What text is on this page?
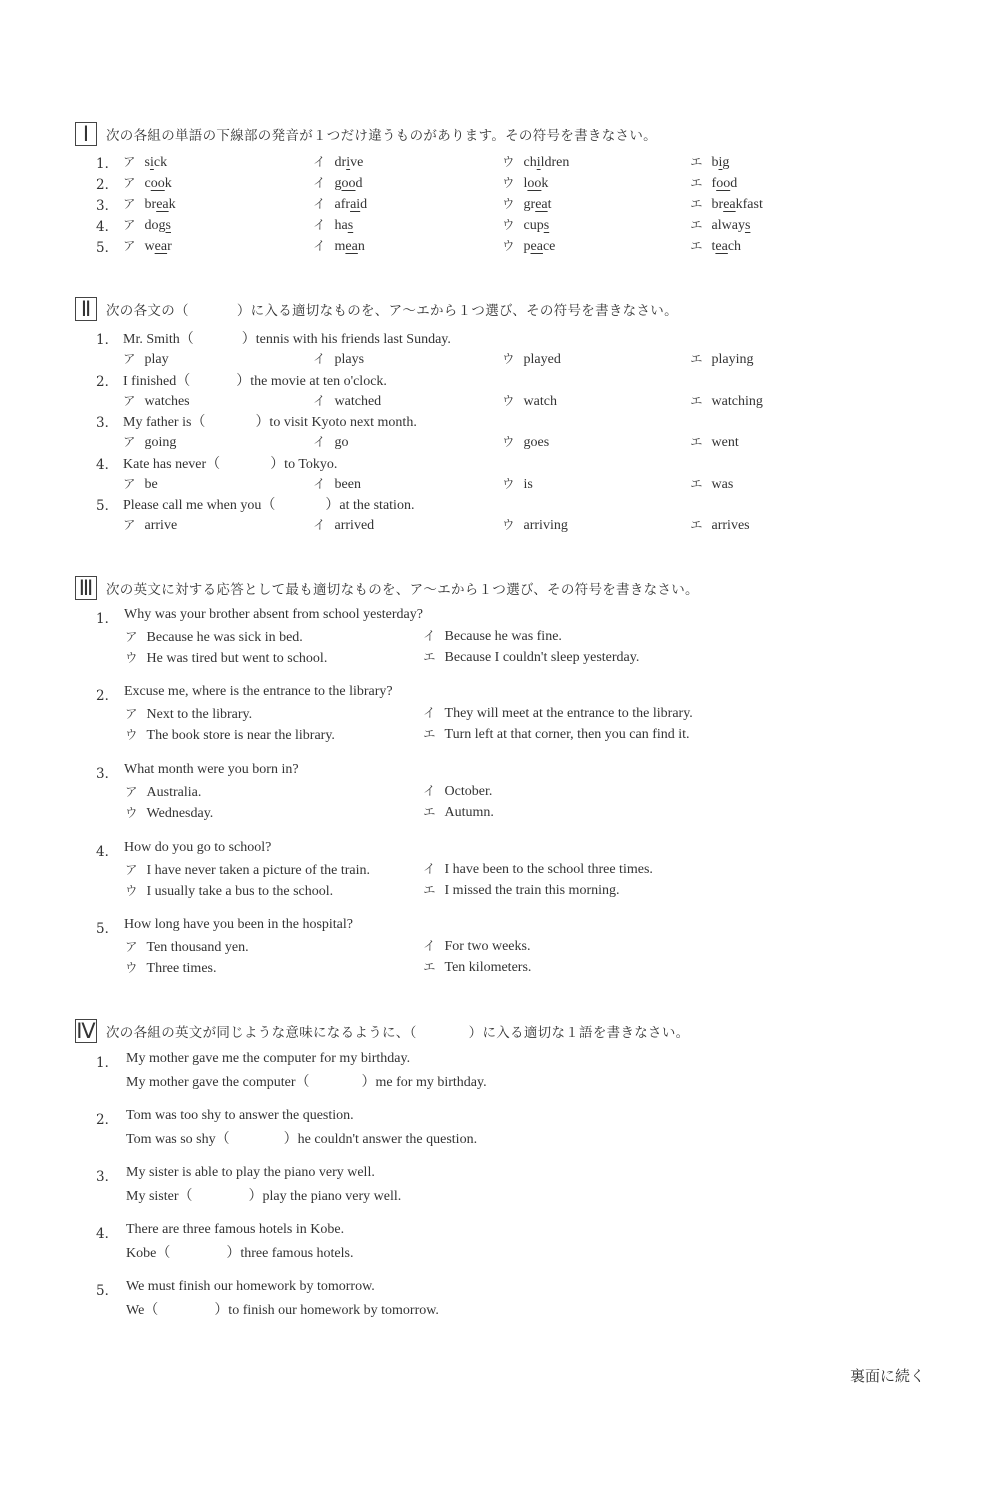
Ⅰ	次の各組の単語の下線部の発音が１つだけ違うものがあります。その符号を書きなさい。
1． ア sick	イ drive	ウ children	エ big
2． ア cook	イ good	ウ look	エ food
3． ア break	イ afraid	ウ great	エ breakfast
4． ア dogs	イ has	ウ cups	エ always
5． ア wear	イ mean	ウ peace	エ teach
Ⅱ	次の各文の（	）に入る適切なものを、ア～エから１つ選び、その符号を書きなさい。
1． Mr. Smith（	）tennis with his friends last Sunday.
ア play	イ plays	ウ played	エ playing
2． I finished（	）the movie at ten o'clock.
ア watches	イ watched	ウ watch	エ watching
3． My father is（	）to visit Kyoto next month.
ア going	イ go	ウ goes	エ went
4． Kate has never（	）to Tokyo.
ア be	イ been	ウ is	エ was
5． Please call me when you（	）at the station.
ア arrive	イ arrived	ウ arriving	エ arrives
Ⅲ 次の英文に対する応答として最も適切なものを、ア～エから１つ選び、その符号を書きなさい。
1． Why was your brother absent from school yesterday?
ア Because he was sick in bed.	イ Because he was fine.
ウ He was tired but went to school.	エ Because I couldn't sleep yesterday.
2． Excuse me, where is the entrance to the library?
ア Next to the library.	イ They will meet at the entrance to the library.
ウ The book store is near the library.	エ Turn left at that corner, then you can find it.
3． What month were you born in?
ア Australia.	イ October.
ウ Wednesday.	エ Autumn.
4． How do you go to school?
ア I have never taken a picture of the train.	イ I have been to the school three times.
ウ I usually take a bus to the school.	エ I missed the train this morning.
5． How long have you been in the hospital?
ア Ten thousand yen.	イ For two weeks.
ウ Three times.	エ Ten kilometers.
Ⅳ 次の各組の英文が同じような意味になるように、（	）に入る適切な１語を書きなさい。
1． My mother gave me the computer for my birthday.
My mother gave the computer（	）me for my birthday.
2． Tom was too shy to answer the question.
Tom was so shy（	）he couldn't answer the question.
3． My sister is able to play the piano very well.
My sister（	）play the piano very well.
4． There are three famous hotels in Kobe.
Kobe（	）three famous hotels.
5． We must finish our homework by tomorrow.
We（	）to finish our homework by tomorrow.
裏面に続く
